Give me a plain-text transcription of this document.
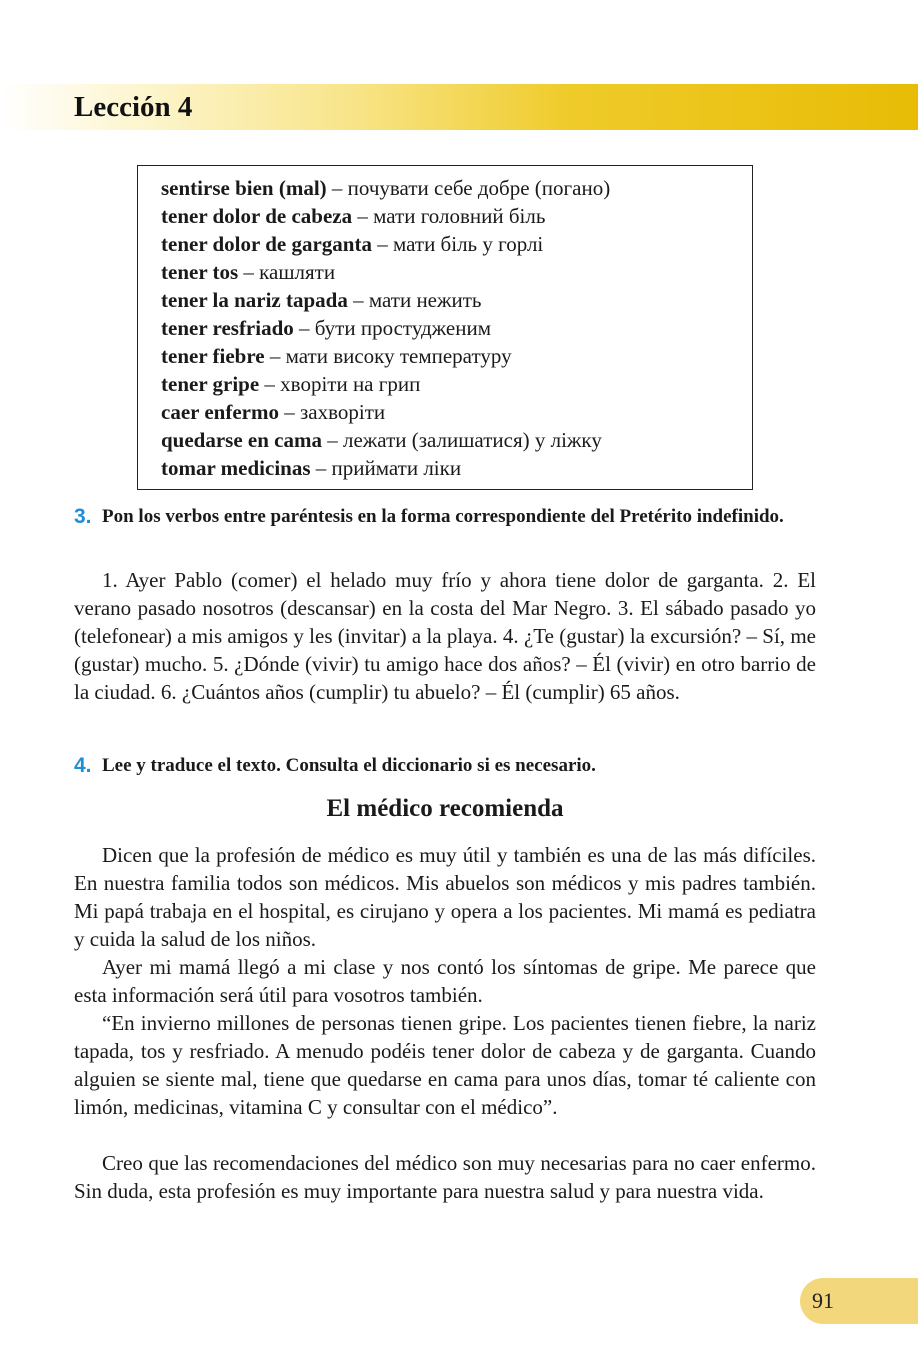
Lección 4
sentirse bien (mal) – почувати себе добре (погано)
tener dolor de cabeza – мати головний біль
tener dolor de garganta – мати біль у горлі
tener tos – кашляти
tener la nariz tapada – мати нежить
tener resfriado – бути простудженим
tener fiebre – мати високу температуру
tener gripe – хворіти на грип
caer enfermo – захворіти
quedarse en cama – лежати (залишатися) у ліжку
tomar medicinas – приймати ліки
3. Pon los verbos entre paréntesis en la forma correspondiente del Pretérito indefinido.

1. Ayer Pablo (comer) el helado muy frío y ahora tiene dolor de garganta. 2. El verano pasado nosotros (descansar) en la costa del Mar Negro. 3. El sábado pasado yo (telefonear) a mis amigos y les (invitar) a la playa. 4. ¿Te (gustar) la excursión? – Sí, me (gustar) mucho. 5. ¿Dónde (vivir) tu amigo hace dos años? – Él (vivir) en otro barrio de la ciudad. 6. ¿Cuántos años (cumplir) tu abuelo? – Él (cumplir) 65 años.

4. Lee y traduce el texto. Consulta el diccionario si es necesario.
El médico recomienda

Dicen que la profesión de médico es muy útil y también es una de las más difíciles. En nuestra familia todos son médicos. Mis abuelos son médicos y mis padres también. Mi papá trabaja en el hospital, es cirujano y opera a los pacientes. Mi mamá es pediatra y cuida la salud de los niños.

Ayer mi mamá llegó a mi clase y nos contó los síntomas de gripe. Me parece que esta información será útil para vosotros también.

“En invierno millones de personas tienen gripe. Los pacientes tienen fiebre, la nariz tapada, tos y resfriado. A menudo podéis tener dolor de cabeza y de garganta. Cuando alguien se siente mal, tiene que quedarse en cama para unos días, tomar té caliente con limón, medicinas, vitamina C y consultar con el médico”.

Creo que las recomendaciones del médico son muy necesarias para no caer enfermo. Sin duda, esta profesión es muy importante para nuestra salud y para nuestra vida.

91
